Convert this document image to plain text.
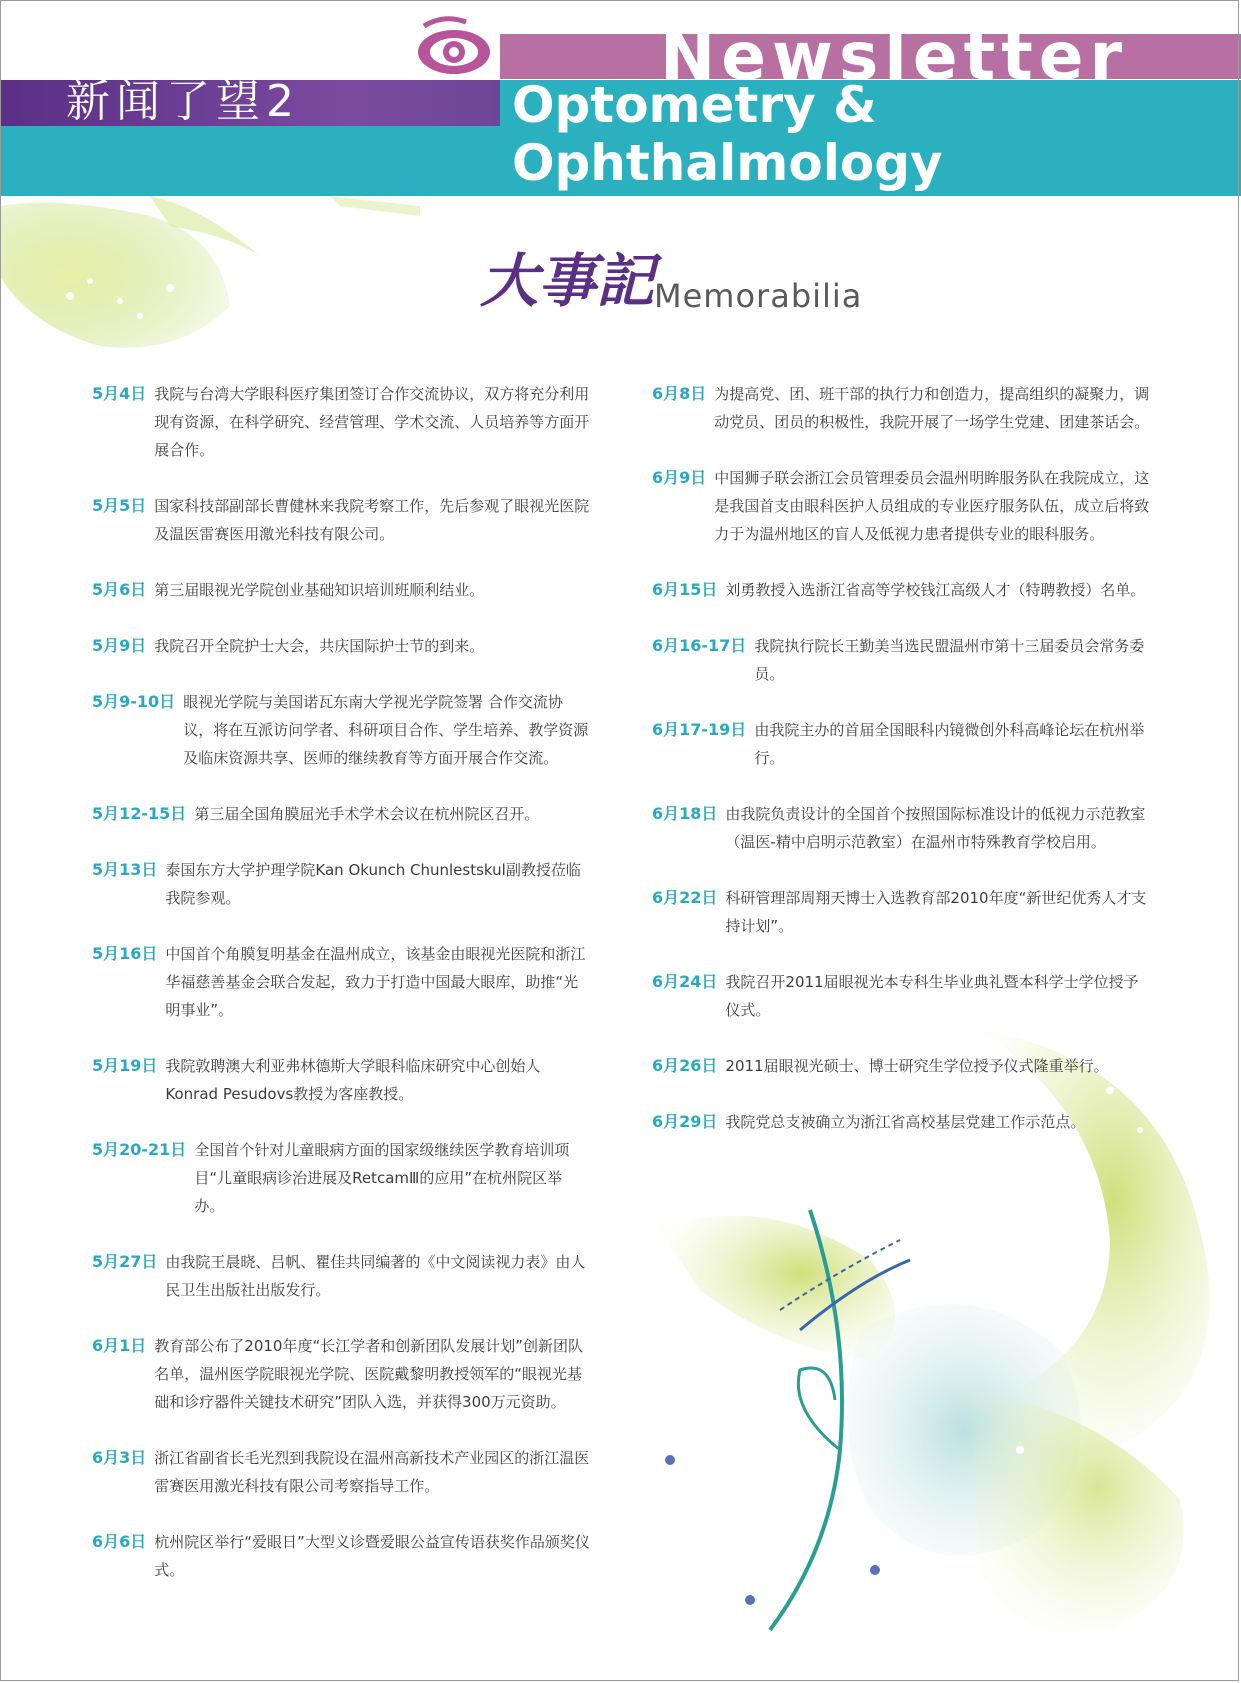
新闻了望2
Newsletter
Optometry & Ophthalmology
大事記 Memorabilia
5月4日 我院与台湾大学眼科医疗集团签订合作交流协议，双方将充分利用现有资源，在科学研究、经营管理、学术交流、人员培养等方面开展合作。
5月5日 国家科技部副部长曹健林来我院考察工作，先后参观了眼视光医院及温医雷赛医用激光科技有限公司。
5月6日 第三届眼视光学院创业基础知识培训班顺利结业。
5月9日 我院召开全院护士大会，共庆国际护士节的到来。
5月9-10日 眼视光学院与美国诺瓦东南大学视光学院签署 合作交流协议，将在互派访问学者、科研项目合作、学生培养、教学资源及临床资源共享、医师的继续教育等方面开展合作交流。
5月12-15日 第三届全国角膜屈光手术学术会议在杭州院区召开。
5月13日 泰国东方大学护理学院Kan Okunch Chunlestskul副教授莅临我院参观。
5月16日 中国首个角膜复明基金在温州成立，该基金由眼视光医院和浙江华福慈善基金会联合发起，致力于打造中国最大眼库，助推“光明事业”。
5月19日 我院敦聘澳大利亚弗林德斯大学眼科临床研究中心创始人Konrad Pesudovs教授为客座教授。
5月20-21日 全国首个针对儿童眼病方面的国家级继续医学教育培训项目“儿童眼病诊治进展及RetcamⅢ的应用”在杭州院区举办。
5月27日 由我院王晨晓、吕帆、瞿佳共同编著的《中文阅读视力表》由人民卫生出版社出版发行。
6月1日 教育部公布了2010年度“长江学者和创新团队发展计划”创新团队名单，温州医学院眼视光学院、医院戴黎明教授领军的“眼视光基础和诊疗器件关键技术研究”团队入选，并获得300万元资助。
6月3日 浙江省副省长毛光烈到我院设在温州高新技术产业园区的浙江温医雷赛医用激光科技有限公司考察指导工作。
6月6日 杭州院区举行“爱眼日”大型义诊暨爱眼公益宣传语获奖作品颁奖仪式。
6月8日 为提高党、团、班干部的执行力和创造力，提高组织的凝聚力，调动党员、团员的积极性，我院开展了一场学生党建、团建茶话会。
6月9日 中国狮子联会浙江会员管理委员会温州明眸服务队在我院成立，这是我国首支由眼科医护人员组成的专业医疗服务队伍，成立后将致力于为温州地区的盲人及低视力患者提供专业的眼科服务。
6月15日 刘勇教授入选浙江省高等学校钱江高级人才（特聘教授）名单。
6月16-17日 我院执行院长王勤美当选民盟温州市第十三届委员会常务委员。
6月17-19日 由我院主办的首届全国眼科内镜微创外科高峰论坛在杭州举行。
6月18日 由我院负责设计的全国首个按照国际标准设计的低视力示范教室（温医-精中启明示范教室）在温州市特殊教育学校启用。
6月22日 科研管理部周翔天博士入选教育部2010年度“新世纪优秀人才支持计划”。
6月24日 我院召开2011届眼视光本专科生毕业典礼暨本科学士学位授予仪式。
6月26日 2011届眼视光硕士、博士研究生学位授予仪式隆重举行。
6月29日 我院党总支被确立为浙江省高校基层党建工作示范点。
